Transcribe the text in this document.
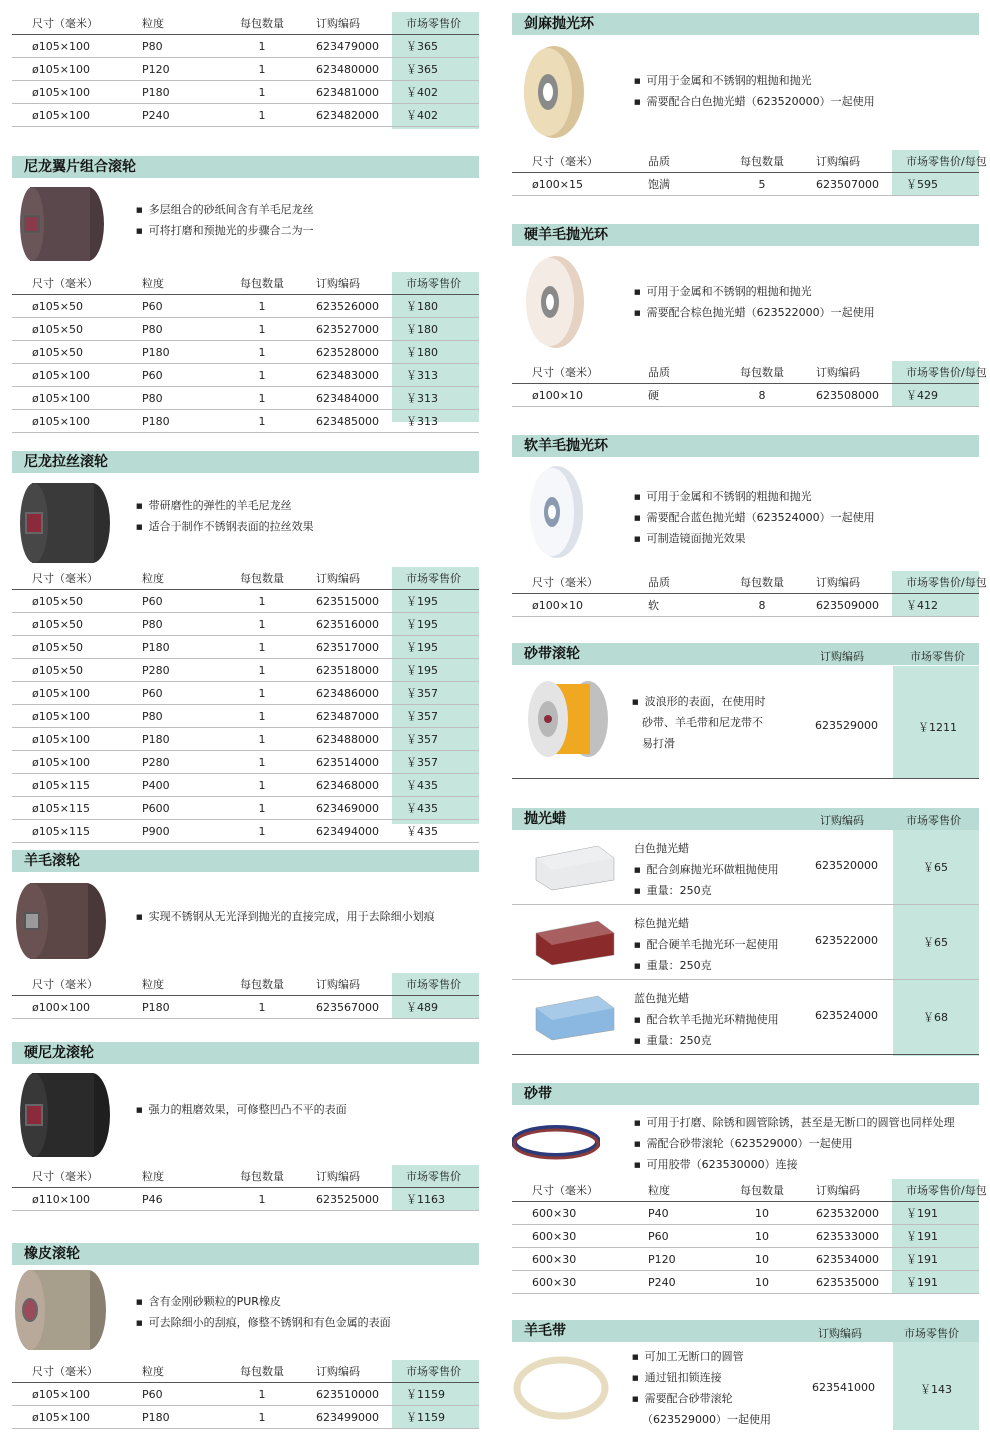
尺寸（毫米）	粒度	每包数量	订购编码	市场零售价
ø105×100	P80	1	623479000 ￥365
ø105×100	P120	1	623480000 ￥365
ø105×100	P180	1	623481000 ￥402
ø105×100	P240	1	623482000 ￥402
尼龙翼片组合滚轮
■ 多层组合的砂纸间含有羊毛尼龙丝
■ 可将打磨和预抛光的步骤合二为一
尺寸（毫米）	粒度	每包数量	订购编码	市场零售价
ø105×50	P60	1	623526000 ￥180
ø105×50	P80	1	623527000 ￥180
ø105×50	P180	1	623528000 ￥180
ø105×100	P60	1	623483000 ￥313
ø105×100	P80	1	623484000 ￥313
ø105×100	P180	1	623485000 ￥313
尼龙拉丝滚轮
■ 带研磨性的弹性的羊毛尼龙丝
■ 适合于制作不锈钢表面的拉丝效果
尺寸（毫米）	粒度	每包数量	订购编码	市场零售价
ø105×50	P60	1	623515000 ￥195
ø105×50	P80	1	623516000 ￥195
ø105×50	P180	1	623517000 ￥195
ø105×50	P280	1	623518000 ￥195
ø105×100	P60	1	623486000 ￥357
ø105×100	P80	1	623487000 ￥357
ø105×100	P180	1	623488000 ￥357
ø105×100	P280	1	623514000 ￥357
ø105×115	P400	1	623468000 ￥435
ø105×115	P600	1	623469000 ￥435
ø105×115	P900	1	623494000 ￥435
羊毛滚轮
■ 实现不锈钢从无光泽到抛光的直接完成，用于去除细小划痕
尺寸（毫米）	粒度	每包数量	订购编码	市场零售价
ø100×100	P180	1	623567000 ￥489
硬尼龙滚轮
■ 强力的粗磨效果，可修整凹凸不平的表面
尺寸（毫米）	粒度	每包数量	订购编码	市场零售价
ø110×100	P46	1	623525000 ￥1163
橡皮滚轮
■ 含有金刚砂颗粒的PUR橡皮
■ 可去除细小的刮痕，修整不锈钢和有色金属的表面
尺寸（毫米）	粒度	每包数量	订购编码	市场零售价
ø105×100	P60	1	623510000 ￥1159
ø105×100	P180	1	623499000 ￥1159
剑麻抛光环
■ 可用于金属和不锈钢的粗抛和抛光
■ 需要配合白色抛光蜡（623520000）一起使用
尺寸（毫米）	品质	每包数量	订购编码	市场零售价/每包
ø100×15	饱满	5	623507000 ￥595
硬羊毛抛光环
■ 可用于金属和不锈钢的粗抛和抛光
■ 需要配合棕色抛光蜡（623522000）一起使用
尺寸（毫米）	品质	每包数量	订购编码	市场零售价/每包
ø100×10	硬	8	623508000 ￥429
软羊毛抛光环
■ 可用于金属和不锈钢的粗抛和抛光
■ 需要配合蓝色抛光蜡（623524000）一起使用
■ 可制造镜面抛光效果
尺寸（毫米）	品质	每包数量	订购编码	市场零售价/每包
ø100×10	软	8	623509000 ￥412
砂带滚轮	订购编码	市场零售价
■ 波浪形的表面，在使用时
砂带、羊毛带和尼龙带不
易打滑
623529000	￥1211
抛光蜡	订购编码	市场零售价
白色抛光蜡
■ 配合剑麻抛光环做粗抛使用
■ 重量：250克
623520000	￥65
棕色抛光蜡
■ 配合硬羊毛抛光环一起使用
■ 重量：250克
623522000	￥65
蓝色抛光蜡
■ 配合软羊毛抛光环精抛使用
■ 重量：250克
623524000	￥68
砂带
■ 可用于打磨、除锈和圆管除锈，甚至是无断口的圆管也同样处理
■ 需配合砂带滚轮（623529000）一起使用
■ 可用胶带（623530000）连接
尺寸（毫米）	粒度	每包数量	订购编码	市场零售价/每包
600×30	P40	10	623532000 ￥191
600×30	P60	10	623533000 ￥191
600×30	P120	10	623534000 ￥191
600×30	P240	10	623535000 ￥191
羊毛带	订购编码	市场零售价
■ 可加工无断口的圆管
■ 通过钮扣锁连接
■ 需要配合砂带滚轮
（623529000）一起使用
623541000	￥143
